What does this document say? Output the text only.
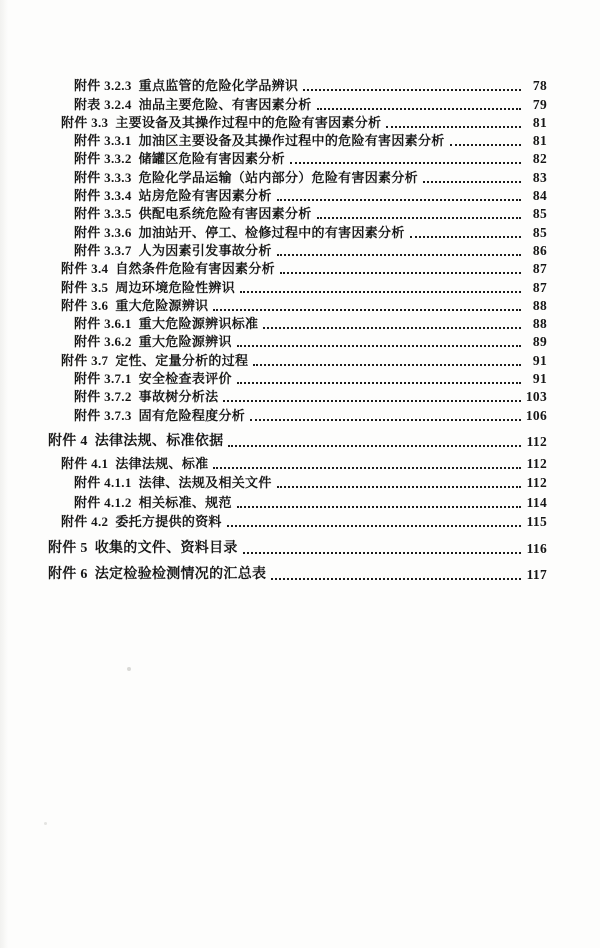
附件 3.2.3 重点监管的危险化学品辨识	78
附表 3.2.4 油品主要危险、有害因素分析	79
附件 3.3 主要设备及其操作过程中的危险有害因素分析	81
附件 3.3.1 加油区主要设备及其操作过程中的危险有害因素分析	81
附件 3.3.2 储罐区危险有害因素分析	82
附件 3.3.3 危险化学品运输（站内部分）危险有害因素分析	83
附件 3.3.4 站房危险有害因素分析	84
附件 3.3.5 供配电系统危险有害因素分析	85
附件 3.3.6 加油站开、停工、检修过程中的有害因素分析	85
附件 3.3.7 人为因素引发事故分析	86
附件 3.4 自然条件危险有害因素分析	87
附件 3.5 周边环境危险性辨识	87
附件 3.6 重大危险源辨识	88
附件 3.6.1 重大危险源辨识标准	88
附件 3.6.2 重大危险源辨识	89
附件 3.7 定性、定量分析的过程	91
附件 3.7.1 安全检查表评价	91
附件 3.7.2 事故树分析法	103
附件 3.7.3 固有危险程度分析	106
附件 4 法律法规、标准依据	112
附件 4.1 法律法规、标准	112
附件 4.1.1 法律、法规及相关文件	112
附件 4.1.2 相关标准、规范	114
附件 4.2 委托方提供的资料	115
附件 5 收集的文件、资料目录	116
附件 6 法定检验检测情况的汇总表	117
